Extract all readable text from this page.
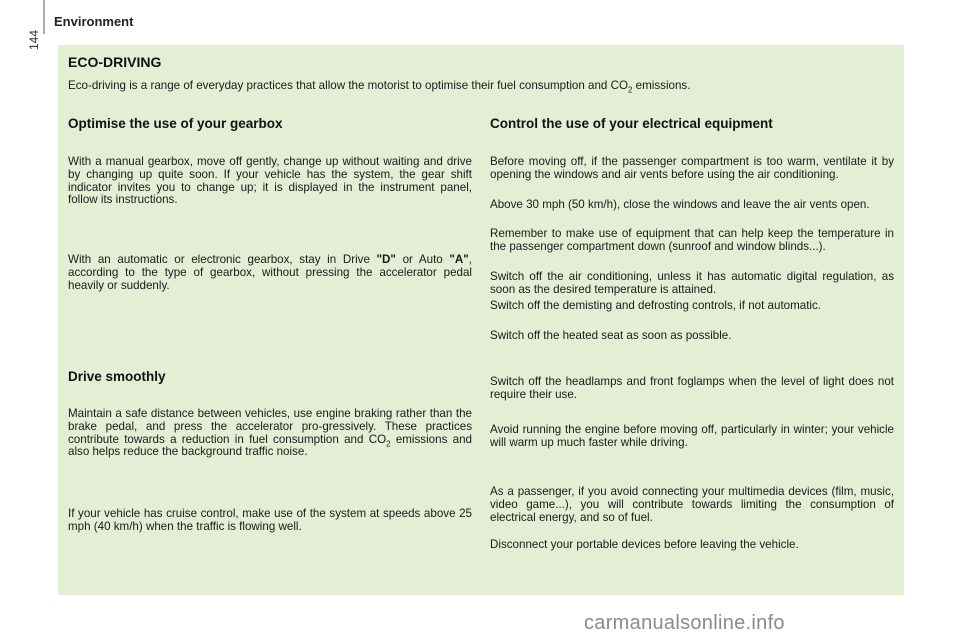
144
Environment
ECO-DRIVING
Eco-driving is a range of everyday practices that allow the motorist to optimise their fuel consumption and $CO_2$ emissions.
Optimise the use of your gearbox

With a manual gearbox, move off gently, change up without waiting and drive by changing up quite soon. If your vehicle has the system, the gear shift indicator invites you to change up; it is displayed in the instrument panel, follow its instructions.

With an automatic or electronic gearbox, stay in Drive "D" or Auto "A", according to the type of gearbox, without pressing the accelerator pedal heavily or suddenly.

Drive smoothly

Maintain a safe distance between vehicles, use engine braking rather than the brake pedal, and press the accelerator pro-gressively. These practices contribute towards a reduction in fuel consumption and $CO_2$ emissions and also helps reduce the background traffic noise.

If your vehicle has cruise control, make use of the system at speeds above 25 mph (40 km/h) when the traffic is flowing well.

Control the use of your electrical equipment

Before moving off, if the passenger compartment is too warm, ventilate it by opening the windows and air vents before using the air conditioning.

Above 30 mph (50 km/h), close the windows and leave the air vents open.

Remember to make use of equipment that can help keep the temperature in the passenger compartment down (sunroof and window blinds...).

Switch off the air conditioning, unless it has automatic digital regulation, as soon as the desired temperature is attained.

Switch off the demisting and defrosting controls, if not automatic.

Switch off the heated seat as soon as possible.

Switch off the headlamps and front foglamps when the level of light does not require their use.

Avoid running the engine before moving off, particularly in winter; your vehicle will warm up much faster while driving.

As a passenger, if you avoid connecting your multimedia devices (film, music, video game...), you will contribute towards limiting the consumption of electrical energy, and so of fuel.

Disconnect your portable devices before leaving the vehicle.

carmanualsonline.info
